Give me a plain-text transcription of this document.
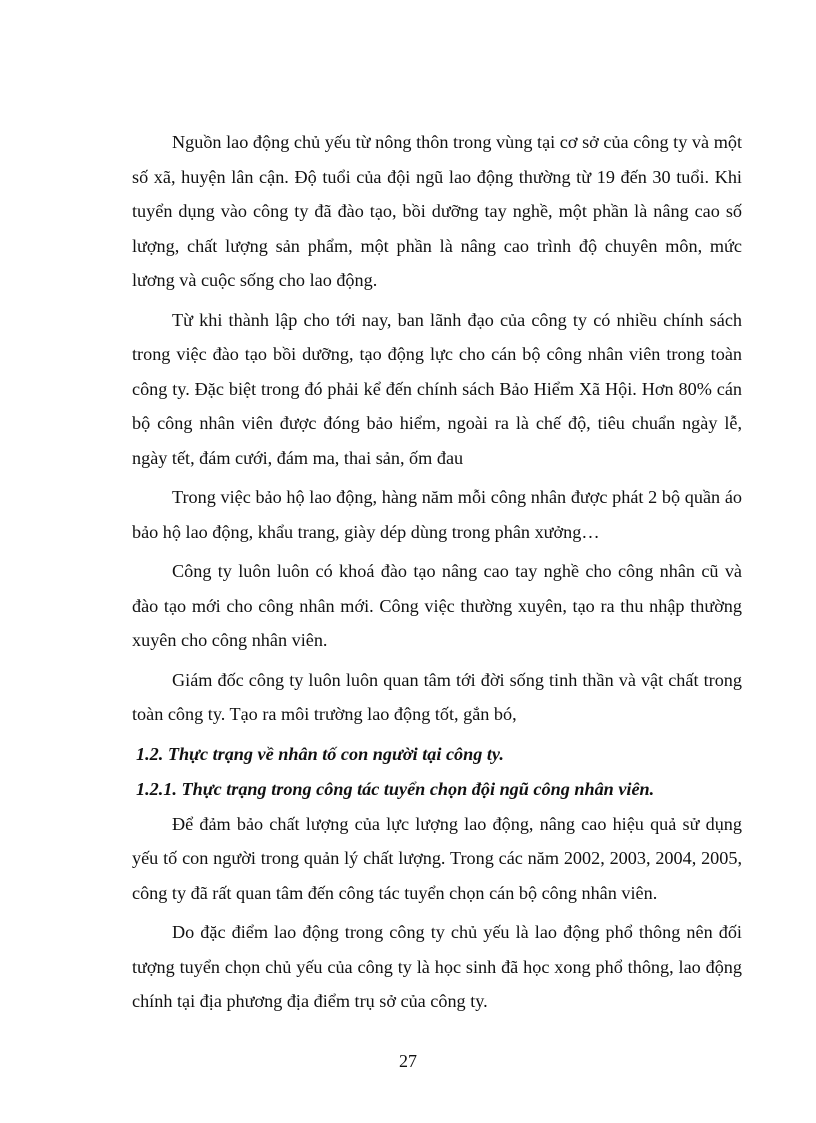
Nguồn lao động chủ yếu từ nông thôn trong vùng tại cơ sở của công ty và một số xã, huyện lân cận. Độ tuổi của đội ngũ lao động thường từ 19 đến 30 tuổi. Khi tuyển dụng vào công ty đã đào tạo, bồi dưỡng tay nghề, một phần là nâng cao số lượng, chất lượng sản phẩm, một phần là nâng cao trình độ chuyên môn, mức lương và cuộc sống cho lao động.

Từ khi thành lập cho tới nay, ban lãnh đạo của công ty có nhiều chính sách trong việc đào tạo bồi dưỡng, tạo động lực cho cán bộ công nhân viên trong toàn công ty. Đặc biệt trong đó phải kể đến chính sách Bảo Hiểm Xã Hội. Hơn 80% cán bộ công nhân viên được đóng bảo hiểm, ngoài ra là chế độ, tiêu chuẩn ngày lễ, ngày tết, đám cưới, đám ma, thai sản, ốm đau

Trong việc bảo hộ lao động, hàng năm mỗi công nhân được phát 2 bộ quần áo bảo hộ lao động, khẩu trang, giày dép dùng trong phân xưởng…

Công ty luôn luôn có khoá đào tạo nâng cao tay nghề cho công nhân cũ và đào tạo mới cho công nhân mới. Công việc thường xuyên, tạo ra thu nhập thường xuyên cho công nhân viên.

Giám đốc công ty luôn luôn quan tâm tới đời sống tinh thần và vật chất trong toàn công ty. Tạo ra môi trường lao động tốt, gắn bó,

1.2. Thực trạng về nhân tố con người tại công ty.
1.2.1. Thực trạng trong công tác tuyển chọn đội ngũ công nhân viên.

Để đảm bảo chất lượng của lực lượng lao động, nâng cao hiệu quả sử dụng yếu tố con người trong quản lý chất lượng. Trong các năm 2002, 2003, 2004, 2005, công ty đã rất quan tâm đến công tác tuyển chọn cán bộ công nhân viên.

Do đặc điểm lao động trong công ty chủ yếu là lao động phổ thông nên đối tượng tuyển chọn chủ yếu của công ty là học sinh đã học xong phổ thông, lao động chính tại địa phương địa điểm trụ sở của công ty.

27
